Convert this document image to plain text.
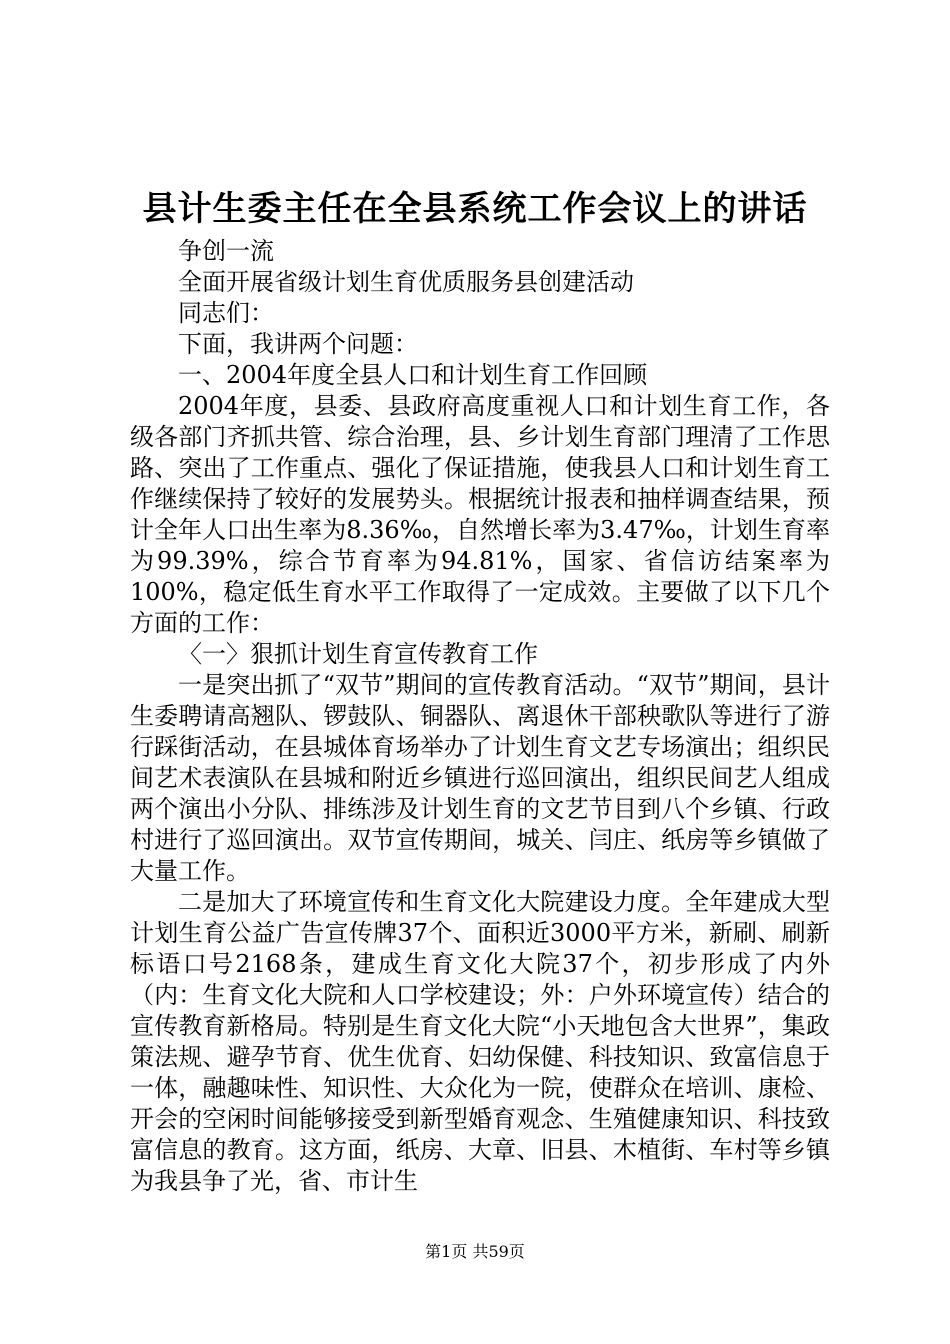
县计生委主任在全县系统工作会议上的讲话

争创一流

全面开展省级计划生育优质服务县创建活动

同志们：

下面，我讲两个问题：

一、2004年度全县人口和计划生育工作回顾

2004年度，县委、县政府高度重视人口和计划生育工作，各级各部门齐抓共管、综合治理，县、乡计划生育部门理清了工作思路、突出了工作重点、强化了保证措施，使我县人口和计划生育工作继续保持了较好的发展势头。根据统计报表和抽样调查结果，预计全年人口出生率为8.36‰，自然增长率为3.47‰，计划生育率为99.39%，综合节育率为94.81%，国家、省信访结案率为100%，稳定低生育水平工作取得了一定成效。主要做了以下几个方面的工作：

〈一〉狠抓计划生育宣传教育工作

一是突出抓了“双节”期间的宣传教育活动。“双节”期间，县计生委聘请高翘队、锣鼓队、铜器队、离退休干部秧歌队等进行了游行踩街活动，在县城体育场举办了计划生育文艺专场演出；组织民间艺术表演队在县城和附近乡镇进行巡回演出，组织民间艺人组成两个演出小分队、排练涉及计划生育的文艺节目到八个乡镇、行政村进行了巡回演出。双节宣传期间，城关、闫庄、纸房等乡镇做了大量工作。

二是加大了环境宣传和生育文化大院建设力度。全年建成大型计划生育公益广告宣传牌37个、面积近3000平方米，新刷、刷新标语口号2168条，建成生育文化大院37个，初步形成了内外（内：生育文化大院和人口学校建设；外：户外环境宣传）结合的宣传教育新格局。特别是生育文化大院“小天地包含大世界”，集政策法规、避孕节育、优生优育、妇幼保健、科技知识、致富信息于一体，融趣味性、知识性、大众化为一院，使群众在培训、康检、开会的空闲时间能够接受到新型婚育观念、生殖健康知识、科技致富信息的教育。这方面，纸房、大章、旧县、木植街、车村等乡镇为我县争了光，省、市计生

第1页 共59页
